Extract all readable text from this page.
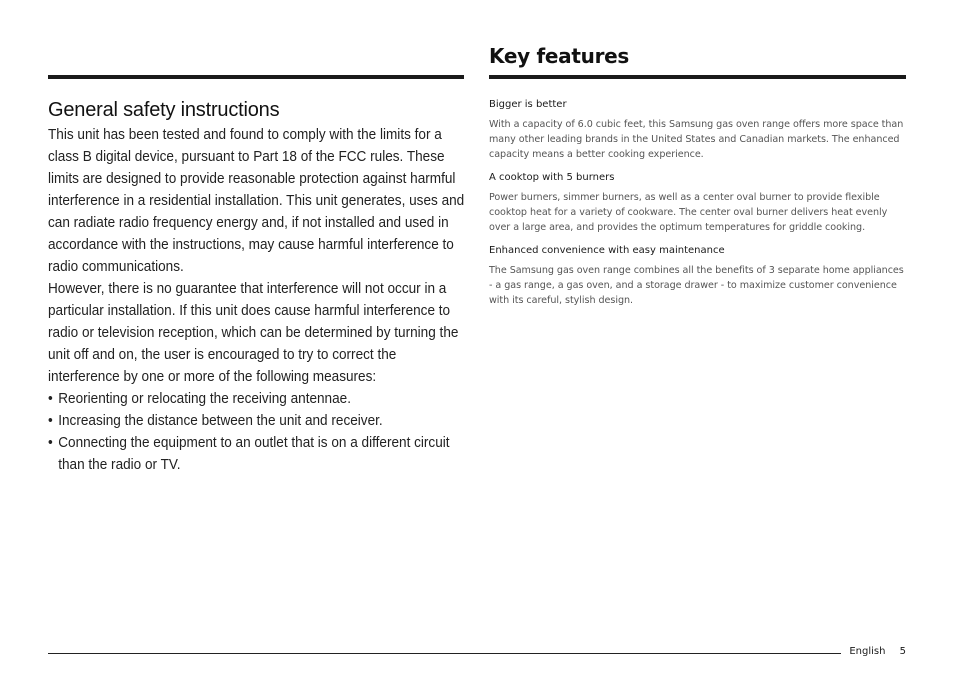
Key features
General safety instructions

This unit has been tested and found to comply with the limits for a class B digital device, pursuant to Part 18 of the FCC rules. These limits are designed to provide reasonable protection against harmful interference in a residential installation. This unit generates, uses and can radiate radio frequency energy and, if not installed and used in accordance with the instructions, may cause harmful interference to radio communications.

However, there is no guarantee that interference will not occur in a particular installation. If this unit does cause harmful interference to radio or television reception, which can be determined by turning the unit off and on, the user is encouraged to try to correct the interference by one or more of the following measures:

• Reorienting or relocating the receiving antennae.
• Increasing the distance between the unit and receiver.
• Connecting the equipment to an outlet that is on a different circuit than the radio or TV.
Bigger is better

With a capacity of 6.0 cubic feet, this Samsung gas oven range offers more space than many other leading brands in the United States and Canadian markets. The enhanced capacity means a better cooking experience.

A cooktop with 5 burners

Power burners, simmer burners, as well as a center oval burner to provide flexible cooktop heat for a variety of cookware. The center oval burner delivers heat evenly over a large area, and provides the optimum temperatures for griddle cooking.

Enhanced convenience with easy maintenance

The Samsung gas oven range combines all the benefits of 3 separate home appliances - a gas range, a gas oven, and a storage drawer - to maximize customer convenience with its careful, stylish design.

English 5
